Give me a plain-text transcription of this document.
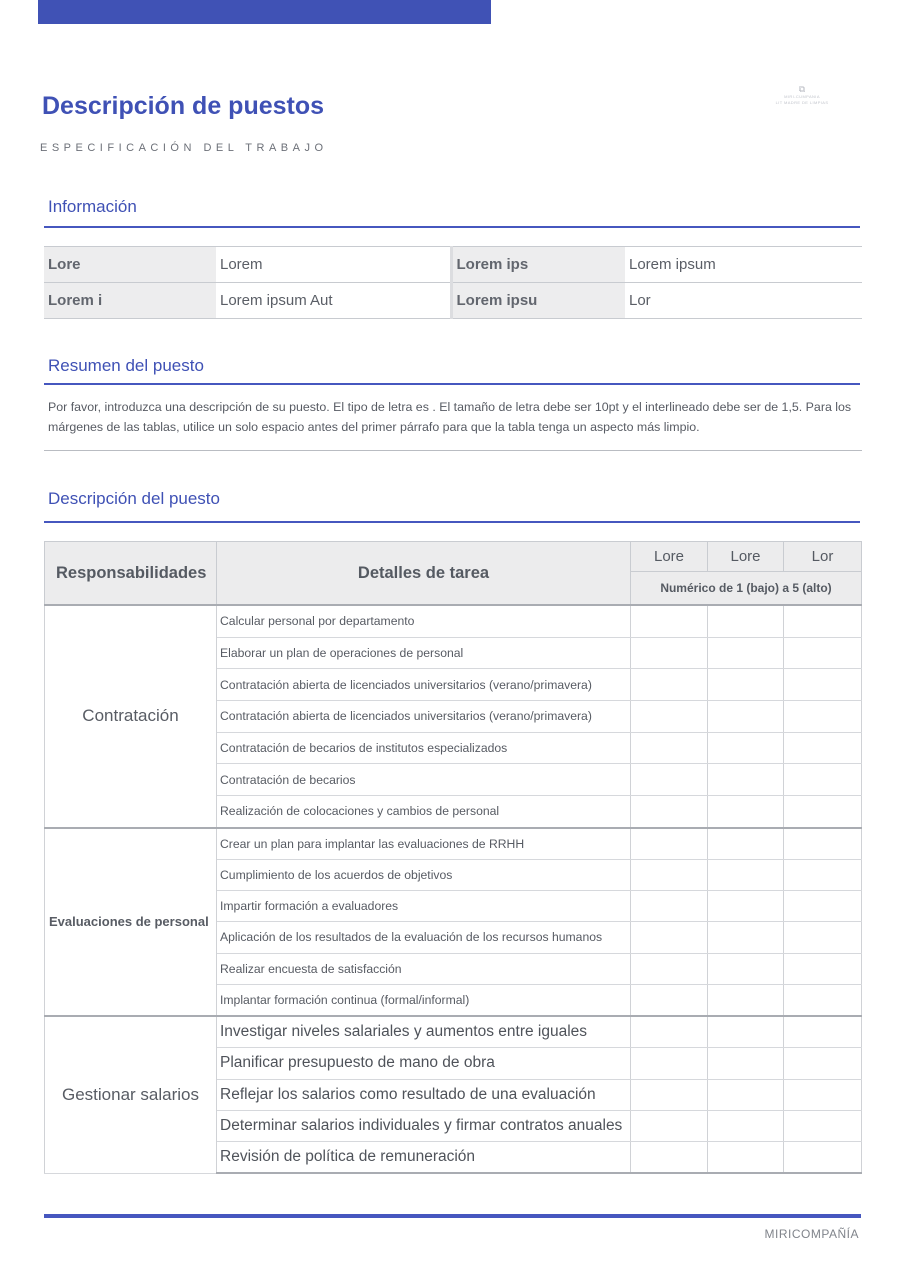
Descripción de puestos
ESPECIFICACIÓN DEL TRABAJO
⧉
MIRI-CUMPANIA
LIT MADRE DE LIMPIAS
Información
Lore	Lorem	Lorem ips	Lorem ipsum
Lorem i	Lorem ipsum Aut	Lorem ipsu	Lor
Resumen del puesto

Por favor, introduzca una descripción de su puesto. El tipo de letra es . El tamaño de letra debe ser 10pt y el interlineado debe ser de 1,5. Para los márgenes de las tablas, utilice un solo espacio antes del primer párrafo para que la tabla tenga un aspecto más limpio.

Descripción del puesto
Responsabilidades	Detalles de tarea	Lore	Lore	Lor
		Numérico de 1 (bajo) a 5 (alto)		
Contratación	Calcular personal por departamento			
	Elaborar un plan de operaciones de personal			
	Contratación abierta de licenciados universitarios (verano/primavera)			
	Contratación abierta de licenciados universitarios (verano/primavera)			
	Contratación de becarios de institutos especializados			
	Contratación de becarios			
	Realización de colocaciones y cambios de personal			
Evaluaciones de personal	Crear un plan para implantar las evaluaciones de RRHH			
	Cumplimiento de los acuerdos de objetivos			
	Impartir formación a evaluadores			
	Aplicación de los resultados de la evaluación de los recursos humanos			
	Realizar encuesta de satisfacción			
	Implantar formación continua (formal/informal)			
Gestionar salarios	Investigar niveles salariales y aumentos entre iguales			
	Planificar presupuesto de mano de obra			
	Reflejar los salarios como resultado de una evaluación			
	Determinar salarios individuales y firmar contratos anuales			
	Revisión de política de remuneración			
MIRICOMPAÑÍA
